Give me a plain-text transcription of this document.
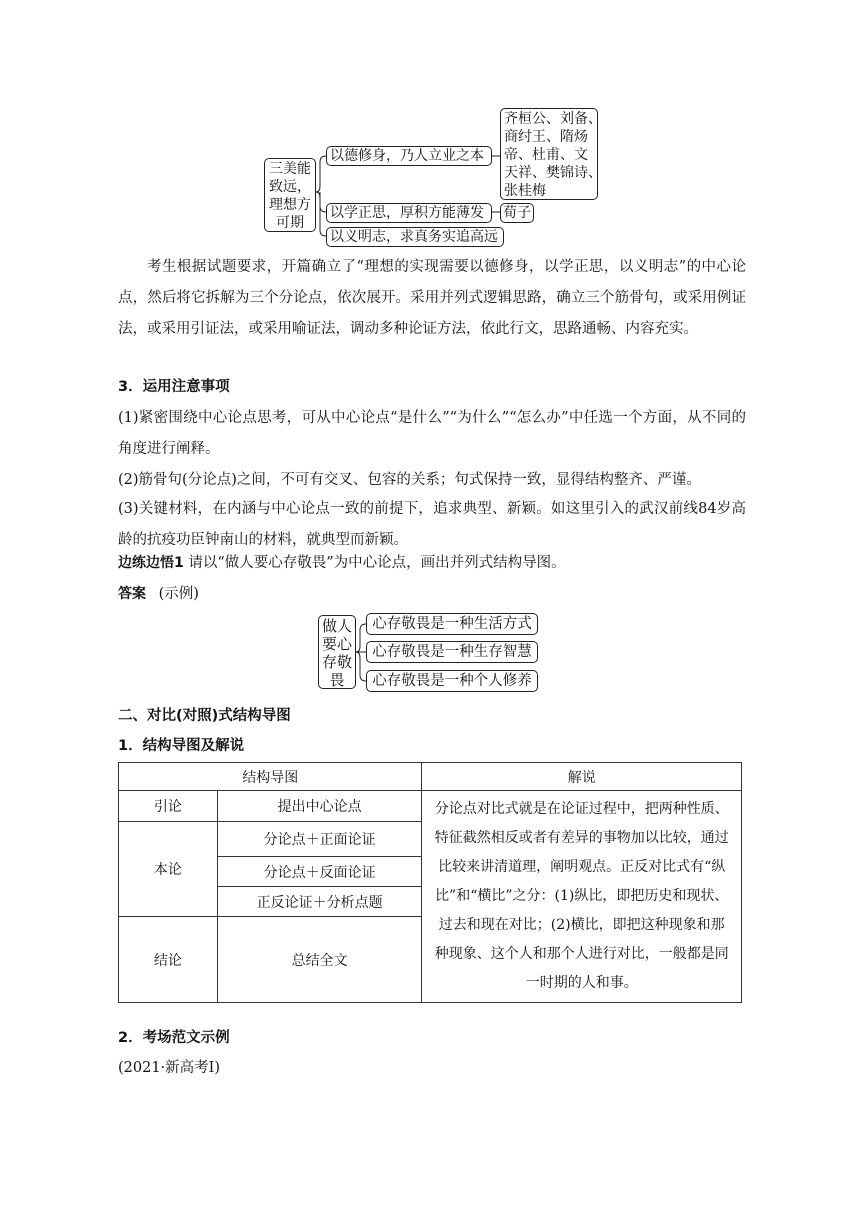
三美能
致远，
理想方
可期
以德修身，乃人立业之本
以学正思，厚积方能薄发
以义明志，求真务实追高远
齐桓公、刘备、
商纣王、隋炀
帝、杜甫、文
天祥、樊锦诗、
张桂梅
荀子
考生根据试题要求，开篇确立了“理想的实现需要以德修身，以学正思，以义明志”的中心论点，然后将它拆解为三个分论点，依次展开。采用并列式逻辑思路，确立三个筋骨句，或采用例证法，或采用引证法，或采用喻证法，调动多种论证方法，依此行文，思路通畅、内容充实。
3．运用注意事项
(1)紧密围绕中心论点思考，可从中心论点“是什么”“为什么”“怎么办”中任选一个方面，从不同的角度进行阐释。
(2)筋骨句(分论点)之间，不可有交叉、包容的关系；句式保持一致，显得结构整齐、严谨。
(3)关键材料，在内涵与中心论点一致的前提下，追求典型、新颖。如这里引入的武汉前线84岁高龄的抗疫功臣钟南山的材料，就典型而新颖。
边练边悟1 请以“做人要心存敬畏”为中心论点，画出并列式结构导图。
答案 (示例)
做人
要心
存敬
畏
心存敬畏是一种生活方式
心存敬畏是一种生存智慧
心存敬畏是一种个人修养
二、对比(对照)式结构导图
1．结构导图及解说
结构导图		解说
引论	提出中心论点	分论点对比式就是在论证过程中，把两种性质、特征截然相反或者有差异的事物加以比较，通过比较来讲清道理，阐明观点。正反对比式有“纵比”和“横比”之分：(1)纵比，即把历史和现状、过去和现在对比；(2)横比，即把这种现象和那种现象、这个人和那个人进行对比，一般都是同一时期的人和事。
本论	分论点＋正面论证	
	分论点＋反面论证	
	正反论证＋分析点题	
结论	总结全文	
2．考场范文示例
(2021·新高考Ⅰ)
